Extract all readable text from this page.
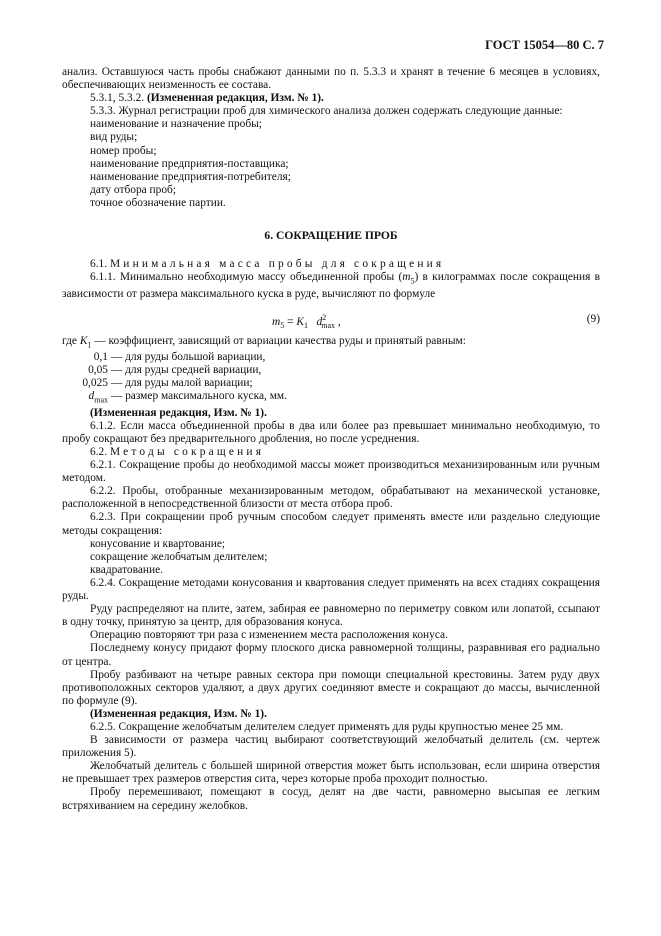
ГОСТ 15054—80 С. 7

анализ. Оставшуюся часть пробы снабжают данными по п. 5.3.3 и хранят в течение 6 месяцев в условиях, обеспечивающих неизменность ее состава.

5.3.1, 5.3.2. (Измененная редакция, Изм. № 1).

5.3.3. Журнал регистрации проб для химического анализа должен содержать следующие данные:

наименование и назначение пробы;

вид руды;

номер пробы;

наименование предприятия-поставщика;

наименование предприятия-потребителя;

дату отбора проб;

точное обозначение партии.

6. СОКРАЩЕНИЕ ПРОБ

6.1. Минимальная масса пробы для сокращения

6.1.1. Минимально необходимую массу объединенной пробы $(m_5)$ в килограммах после сокращения в зависимости от размера максимального куска в руде, вычисляют по формуле

$m_5 = K_1$ $d^2_{max}$ ,	(9)

где $K_1$ — коэффициент, зависящий от вариации качества руды и принятый равным:

0,1 — для руды большой вариации,

0,05 — для руды средней вариации,

0,025 — для руды малой вариации;

$d_{max}$ — размер максимального куска, мм.

(Измененная редакция, Изм. № 1).

6.1.2. Если масса объединенной пробы в два или более раз превышает минимально необходимую, то пробу сокращают без предварительного дробления, но после усреднения.

6.2. Методы сокращения

6.2.1. Сокращение пробы до необходимой массы может производиться механизированным или ручным методом.

6.2.2. Пробы, отобранные механизированным методом, обрабатывают на механической установке, расположенной в непосредственной близости от места отбора проб.

6.2.3. При сокращении проб ручным способом следует применять вместе или раздельно следующие методы сокращения:

конусование и квартование;

сокращение желобчатым делителем;

квадратование.

6.2.4. Сокращение методами конусования и квартования следует применять на всех стадиях сокращения руды.

Руду распределяют на плите, затем, забирая ее равномерно по периметру совком или лопатой, ссыпают в одну точку, принятую за центр, для образования конуса.

Операцию повторяют три раза с изменением места расположения конуса.

Последнему конусу придают форму плоского диска равномерной толщины, разравнивая его радиально от центра.

Пробу разбивают на четыре равных сектора при помощи специальной крестовины. Затем руду двух противоположных секторов удаляют, а двух других соединяют вместе и сокращают до массы, вычисленной по формуле (9).

(Измененная редакция, Изм. № 1).

6.2.5. Сокращение желобчатым делителем следует применять для руды крупностью менее 25 мм.

В зависимости от размера частиц выбирают соответствующий желобчатый делитель (см. чертеж приложения 5).

Желобчатый делитель с большей шириной отверстия может быть использован, если ширина отверстия не превышает трех размеров отверстия сита, через которые проба проходит полностью.

Пробу перемешивают, помещают в сосуд, делят на две части, равномерно высыпая ее легким встряхиванием на середину желобков.
